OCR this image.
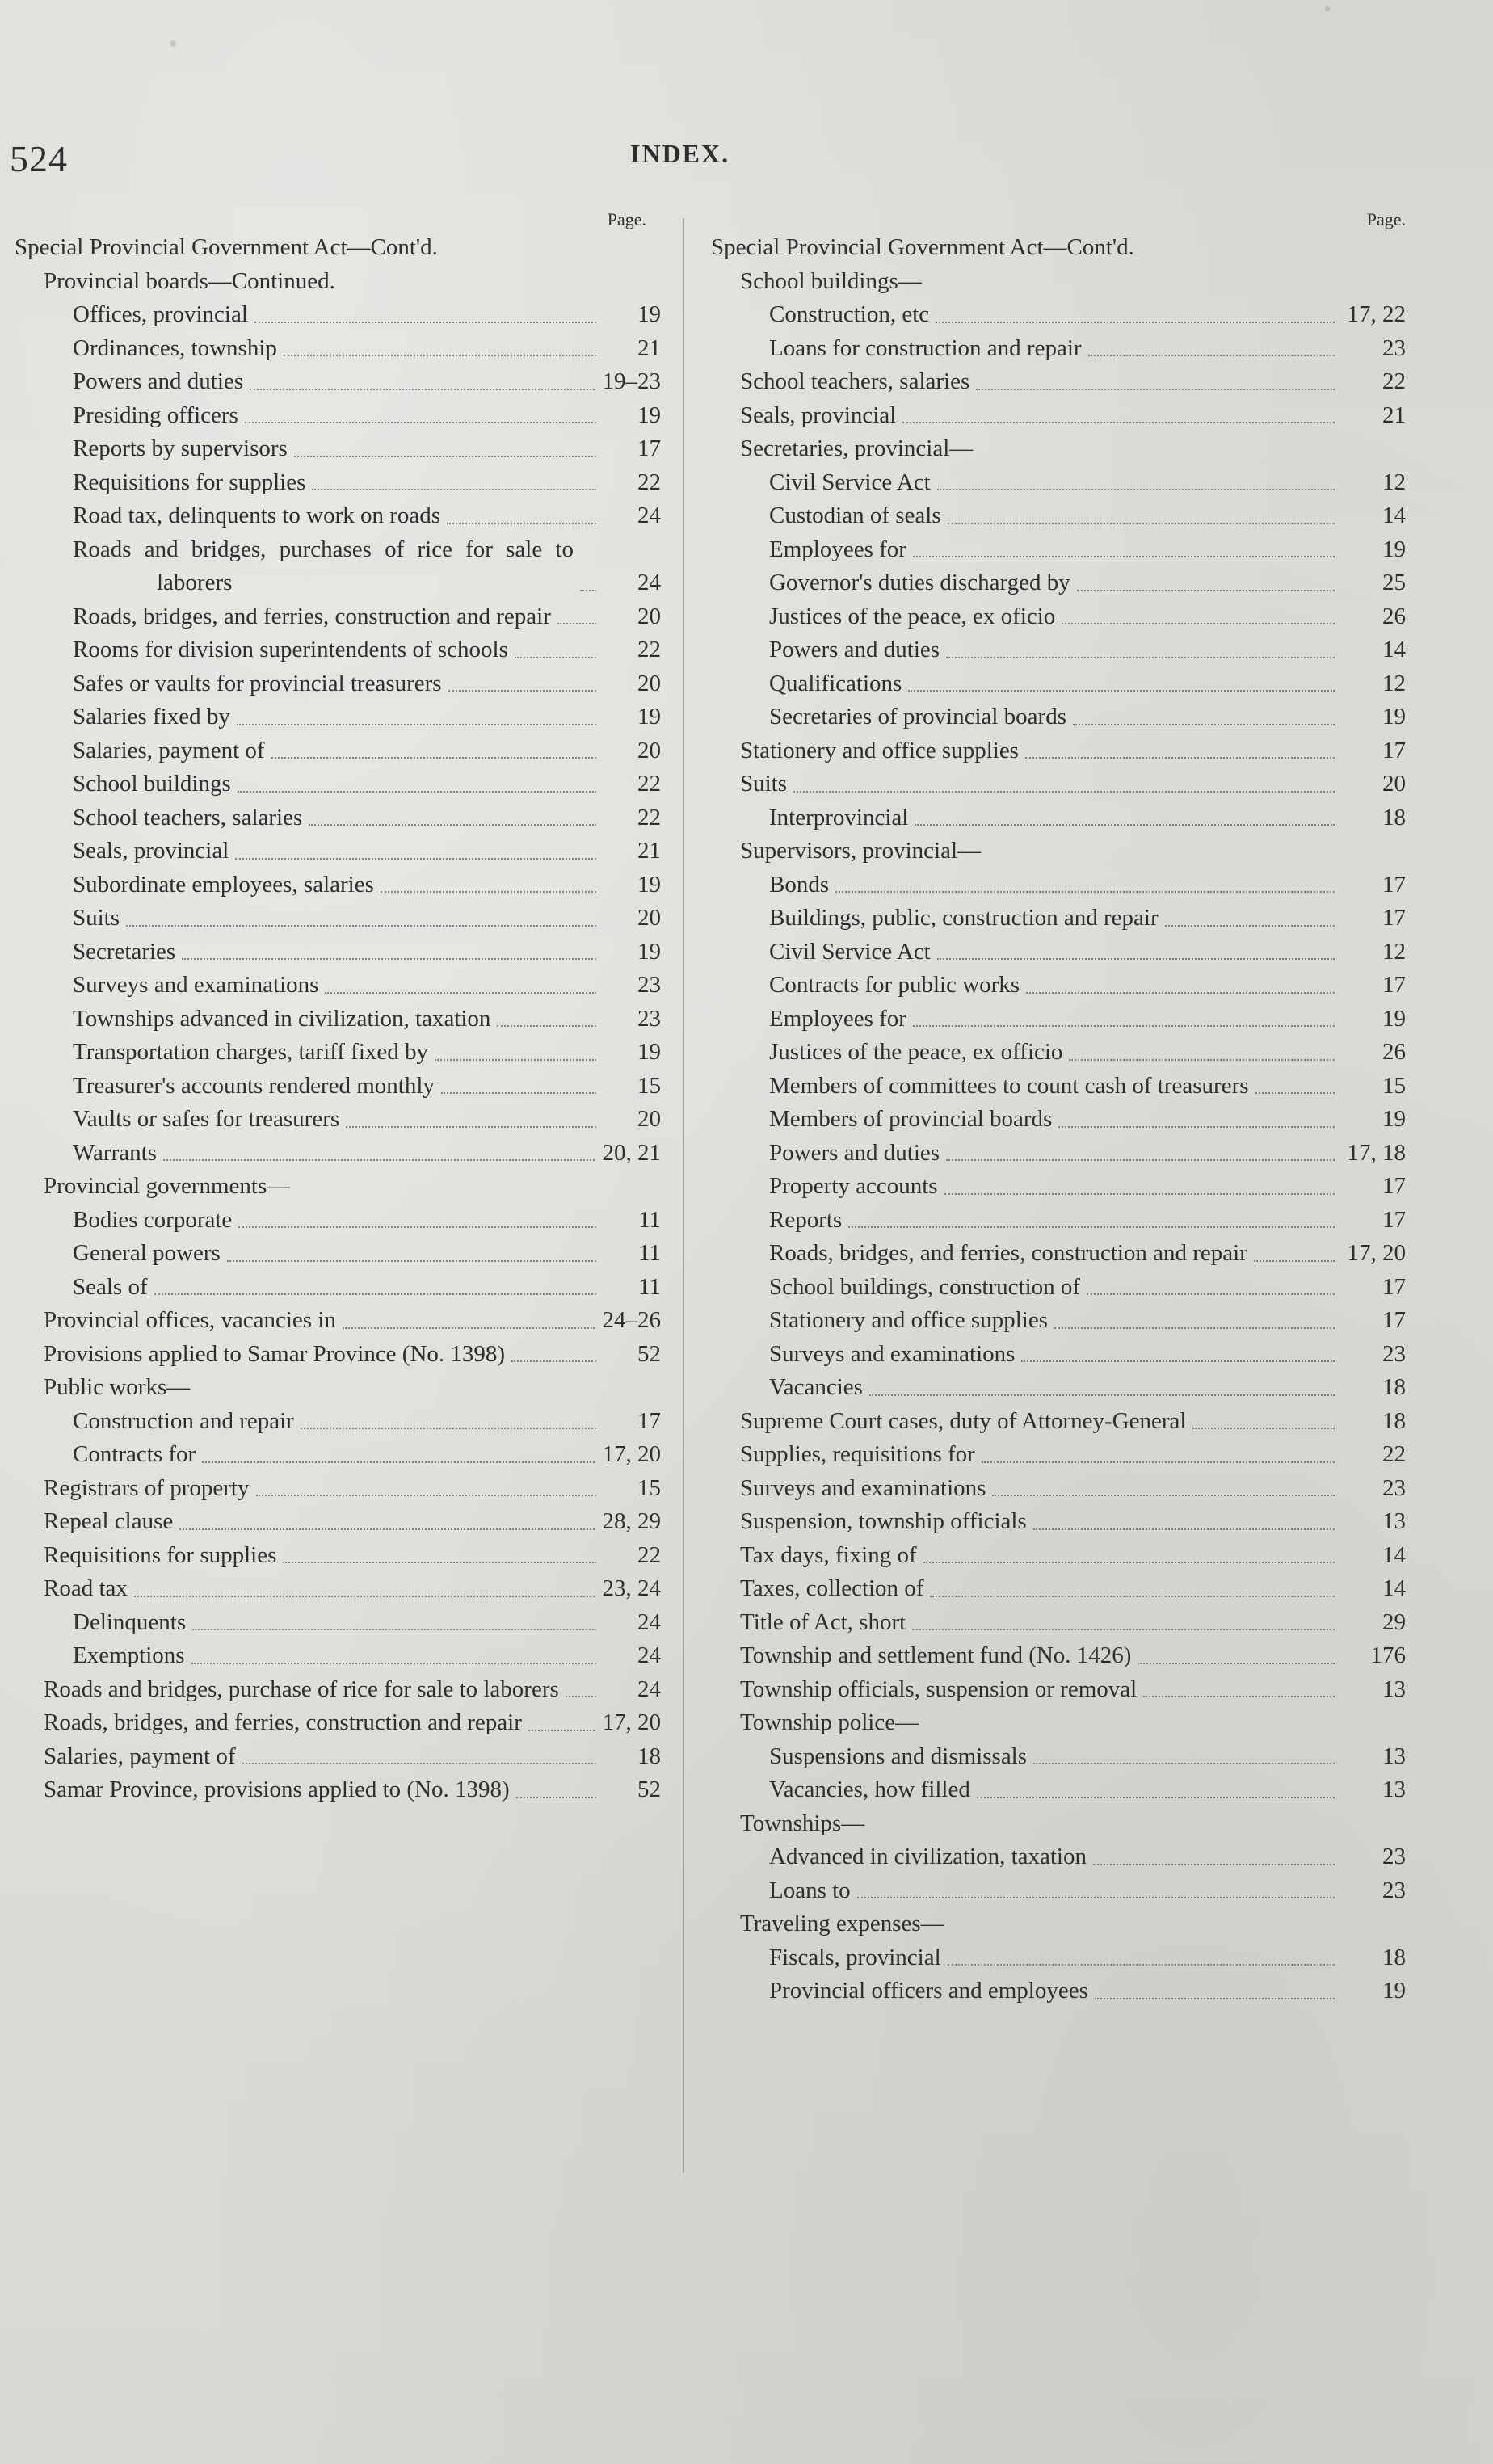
524	INDEX.
Page.
Special Provincial Government Act—Cont'd.
Provincial boards—Continued.
Offices, provincial	19
Ordinances, township	21
Powers and duties	19–23
Presiding officers	19
Reports by supervisors	17
Requisitions for supplies	22
Road tax, delinquents to work on roads	24
Roads and bridges, purchases of rice for sale to laborers	24
Roads, bridges, and ferries, construction and repair	20
Rooms for division superintendents of schools	22
Safes or vaults for provincial treasurers	20
Salaries fixed by	19
Salaries, payment of	20
School buildings	22
School teachers, salaries	22
Seals, provincial	21
Subordinate employees, salaries	19
Suits	20
Secretaries	19
Surveys and examinations	23
Townships advanced in civilization, taxation	23
Transportation charges, tariff fixed by	19
Treasurer's accounts rendered monthly	15
Vaults or safes for treasurers	20
Warrants	20, 21
Provincial governments—
Bodies corporate	11
General powers	11
Seals of	11
Provincial offices, vacancies in	24–26
Provisions applied to Samar Province (No. 1398)	52
Public works—
Construction and repair	17
Contracts for	17, 20
Registrars of property	15
Repeal clause	28, 29
Requisitions for supplies	22
Road tax	23, 24
Delinquents	24
Exemptions	24
Roads and bridges, purchase of rice for sale to laborers	24
Roads, bridges, and ferries, construction and repair	17, 20
Salaries, payment of	18
Samar Province, provisions applied to (No. 1398)	52
Page.
Special Provincial Government Act—Cont'd.
School buildings—
Construction, etc	17, 22
Loans for construction and repair	23
School teachers, salaries	22
Seals, provincial	21
Secretaries, provincial—
Civil Service Act	12
Custodian of seals	14
Employees for	19
Governor's duties discharged by	25
Justices of the peace, ex oficio	26
Powers and duties	14
Qualifications	12
Secretaries of provincial boards	19
Stationery and office supplies	17
Suits	20
Interprovincial	18
Supervisors, provincial—
Bonds	17
Buildings, public, construction and repair	17
Civil Service Act	12
Contracts for public works	17
Employees for	19
Justices of the peace, ex officio	26
Members of committees to count cash of treasurers	15
Members of provincial boards	19
Powers and duties	17, 18
Property accounts	17
Reports	17
Roads, bridges, and ferries, construction and repair	17, 20
School buildings, construction of	17
Stationery and office supplies	17
Surveys and examinations	23
Vacancies	18
Supreme Court cases, duty of Attorney-General	18
Supplies, requisitions for	22
Surveys and examinations	23
Suspension, township officials	13
Tax days, fixing of	14
Taxes, collection of	14
Title of Act, short	29
Township and settlement fund (No. 1426)	176
Township officials, suspension or removal	13
Township police—
Suspensions and dismissals	13
Vacancies, how filled	13
Townships—
Advanced in civilization, taxation	23
Loans to	23
Traveling expenses—
Fiscals, provincial	18
Provincial officers and employees	19
